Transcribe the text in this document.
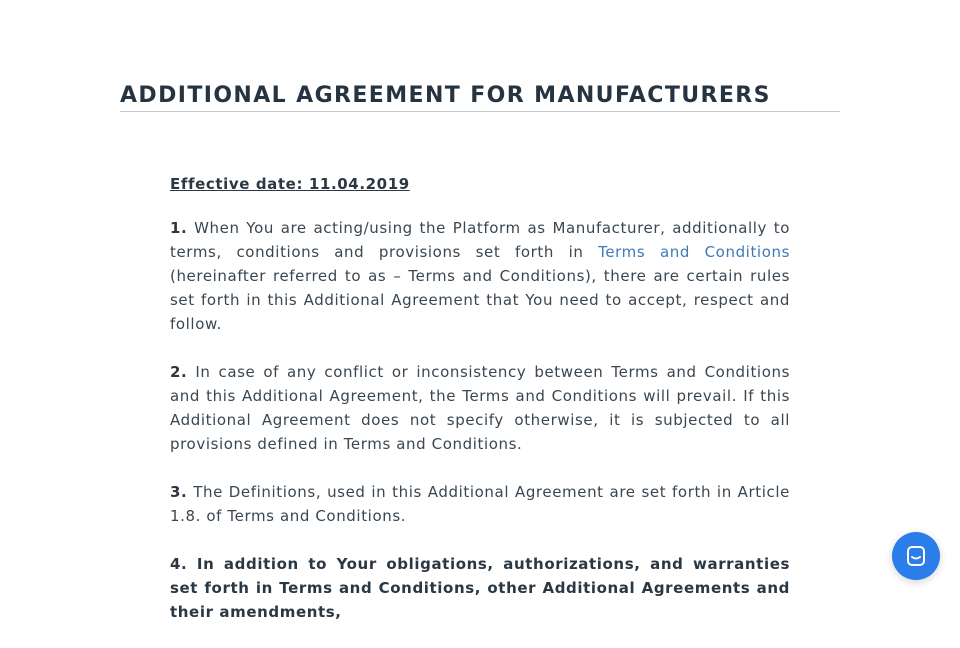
ADDITIONAL AGREEMENT FOR MANUFACTURERS

Effective date: 11.04.2019

1. When You are acting/using the Platform as Manufacturer, additionally to terms, conditions and provisions set forth in Terms and Conditions (hereinafter referred to as – Terms and Conditions), there are certain rules set forth in this Additional Agreement that You need to accept, respect and follow.

2. In case of any conflict or inconsistency between Terms and Conditions and this Additional Agreement, the Terms and Conditions will prevail. If this Additional Agreement does not specify otherwise, it is subjected to all provisions defined in Terms and Conditions.

3. The Definitions, used in this Additional Agreement are set forth in Article 1.8. of Terms and Conditions.

4. In addition to Your obligations, authorizations, and warranties set forth in Terms and Conditions, other Additional Agreements and their amendments,
